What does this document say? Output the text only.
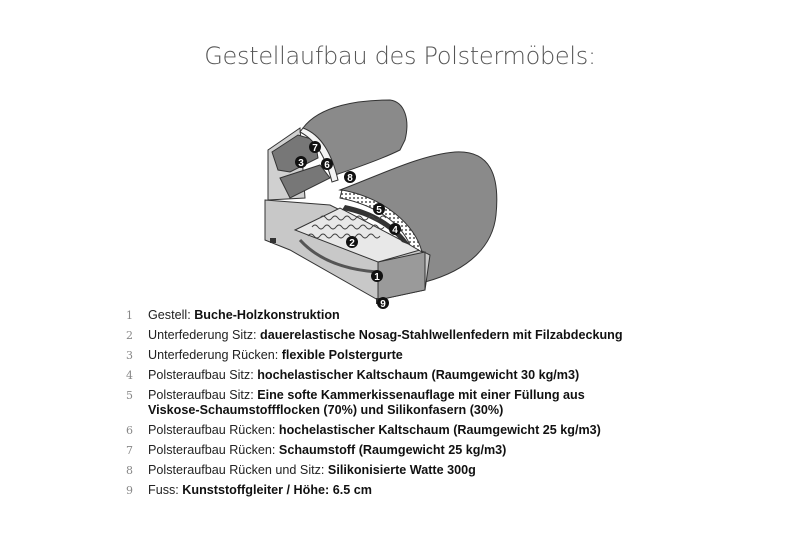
Gestellaufbau des Polstermöbels:
1
2
3
4
5
6
7
8
9
1	Gestell: Buche-Holzkonstruktion
2	Unterfederung Sitz: dauerelastische Nosag-Stahlwellenfedern mit Filzabdeckung
3	Unterfederung Rücken: flexible Polstergurte
4	Polsteraufbau Sitz: hochelastischer Kaltschaum (Raumgewicht 30 kg/m3)
5	Polsteraufbau Sitz: Eine softe Kammerkissenauflage mit einer Füllung aus Viskose-Schaumstoffflocken (70%) und Silikonfasern (30%)
6	Polsteraufbau Rücken: hochelastischer Kaltschaum (Raumgewicht 25 kg/m3)
7	Polsteraufbau Rücken: Schaumstoff (Raumgewicht 25 kg/m3)
8	Polsteraufbau Rücken und Sitz: Silikonisierte Watte 300g
9	Fuss: Kunststoffgleiter / Höhe: 6.5 cm
